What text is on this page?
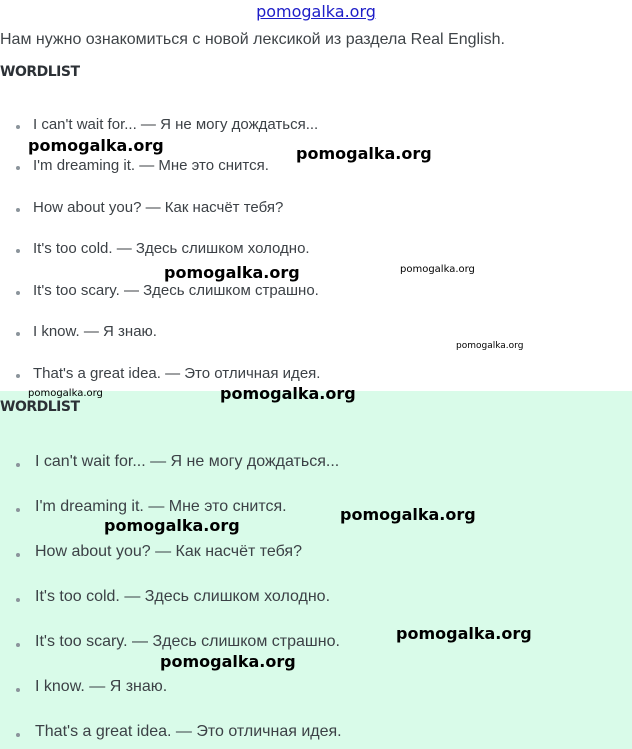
pomogalka.org
Нам нужно ознакомиться с новой лексикой из раздела Real English.
WORDLIST
I can't wait for... — Я не могу дождаться...
I'm dreaming it. — Мне это снится.
How about you? — Как насчёт тебя?
It's too cold. — Здесь слишком холодно.
It's too scary. — Здесь слишком страшно.
I know. — Я знаю.
That's a great idea. — Это отличная идея.
WORDLIST
I can't wait for... — Я не могу дождаться...
I'm dreaming it. — Мне это снится.
How about you? — Как насчёт тебя?
It's too cold. — Здесь слишком холодно.
It's too scary. — Здесь слишком страшно.
I know. — Я знаю.
That's a great idea. — Это отличная идея.
pomogalka.org	pomogalka.org
pomogalka.org	pomogalka.org
pomogalka.org
pomogalka.org	pomogalka.org
pomogalka.org
pomogalka.org
pomogalka.org
pomogalka.org
